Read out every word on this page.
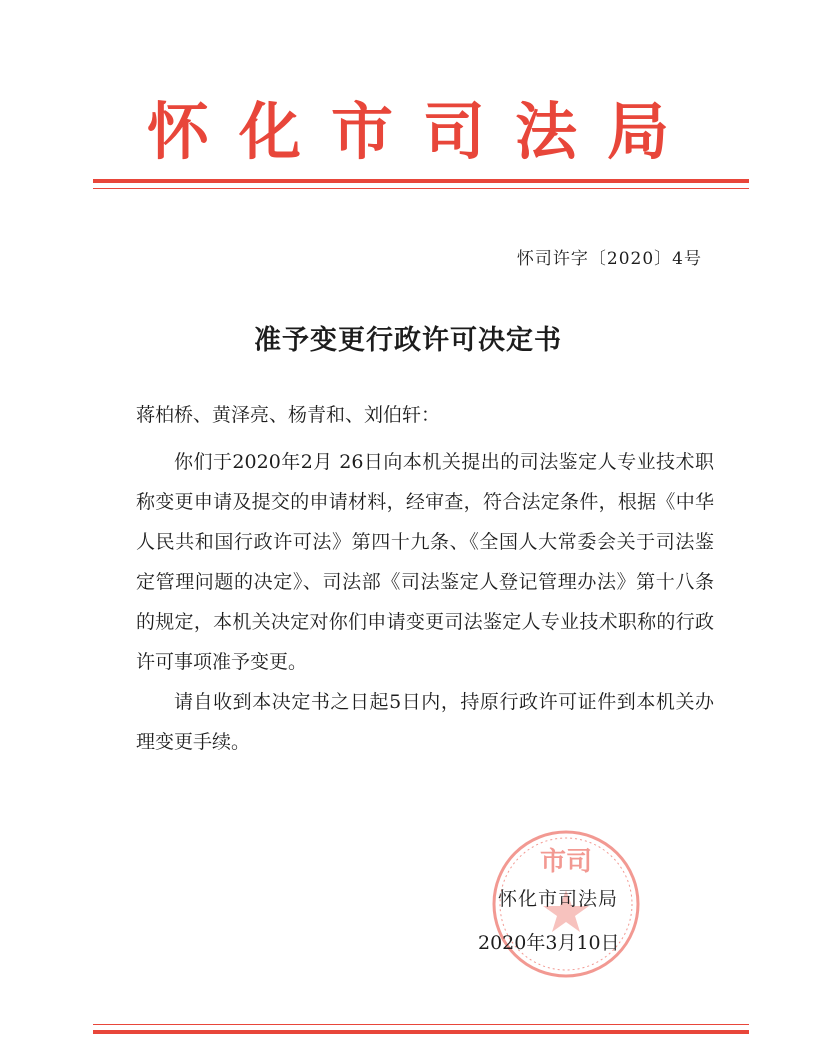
怀化市司法局
怀司许字〔2020〕4号
准予变更行政许可决定书
蒋柏桥、黄泽亮、杨青和、刘伯轩：

你们于2020年2月 26日向本机关提出的司法鉴定人专业技术职称变更申请及提交的申请材料，经审查，符合法定条件，根据《中华人民共和国行政许可法》第四十九条、《全国人大常委会关于司法鉴定管理问题的决定》、司法部《司法鉴定人登记管理办法》第十八条的规定，本机关决定对你们申请变更司法鉴定人专业技术职称的行政许可事项准予变更。

请自收到本决定书之日起5日内，持原行政许可证件到本机关办理变更手续。

市司
怀化市司法局
2020年3月10日
